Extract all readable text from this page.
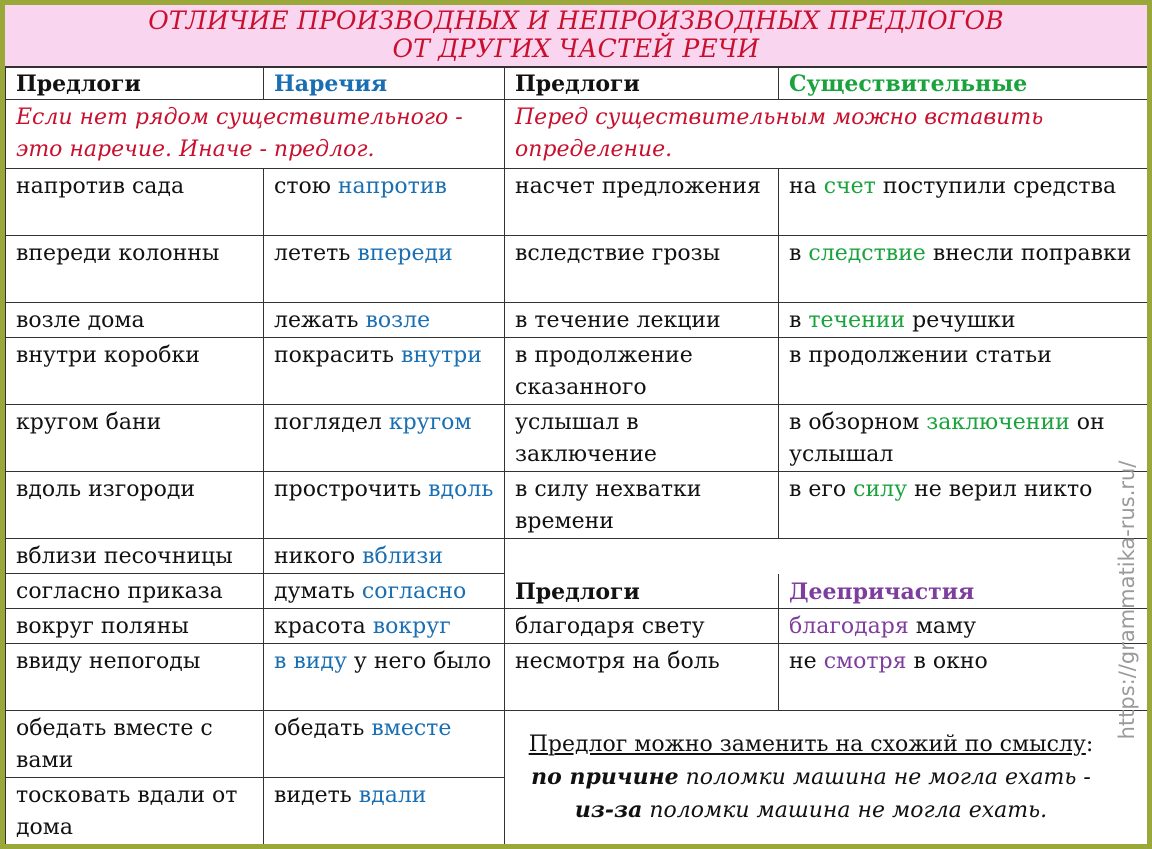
ОТЛИЧИЕ ПРОИЗВОДНЫХ И НЕПРОИЗВОДНЫХ ПРЕДЛОГОВ
ОТ ДРУГИХ ЧАСТЕЙ РЕЧИ
Предлоги	Наречия	Предлоги	Существительные
Если нет рядом существительного - это наречие. Иначе - предлог.		Перед существительным можно вставить определение.	
напротив сада	стою напротив	насчет предложения	на счет поступили средства
впереди колонны	лететь впереди	вследствие грозы	в следствие внесли поправки
возле дома	лежать возле	в течение лекции	в течении речушки
внутри коробки	покрасить внутри	в продолжение сказанного	в продолжении статьи
кругом бани	поглядел кругом	услышал в заключение	в обзорном заключении он услышал
вдоль изгороди	прострочить вдоль	в силу нехватки времени	в его силу не верил никто
вблизи песочницы	никого вблизи		
согласно приказа	думать согласно	Предлоги	Деепричастия
вокруг поляны	красота вокруг	благодаря свету	благодаря маму
ввиду непогоды	в виду у него было	несмотря на боль	не смотря в окно
обедать вместе с вами	обедать вместе	Предлог можно заменить на схожий по смыслу:
по причине поломки машина не могла ехать - из-за поломки машина не могла ехать.	

тосковать вдали от дома	видеть вдали		
https://grammatika-rus.ru/
